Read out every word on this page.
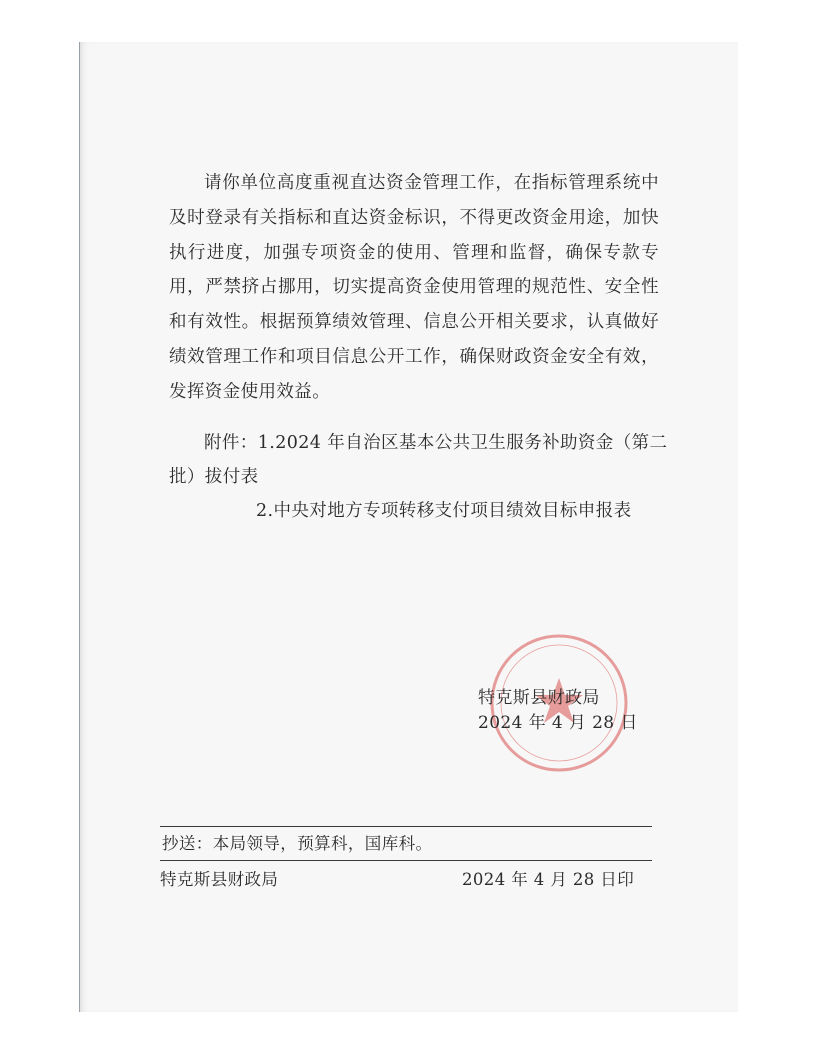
请你单位高度重视直达资金管理工作，在指标管理系统中及时登录有关指标和直达资金标识，不得更改资金用途，加快执行进度，加强专项资金的使用、管理和监督，确保专款专用，严禁挤占挪用，切实提高资金使用管理的规范性、安全性和有效性。根据预算绩效管理、信息公开相关要求，认真做好绩效管理工作和项目信息公开工作，确保财政资金安全有效，发挥资金使用效益。

附件：1.2024 年自治区基本公共卫生服务补助资金（第二
批）拔付表
2.中央对地方专项转移支付项目绩效目标申报表
特克斯县财政局
2024 年 4 月 28 日
抄送：本局领导，预算科，国库科。
特克斯县财政局	2024 年 4 月 28 日印
